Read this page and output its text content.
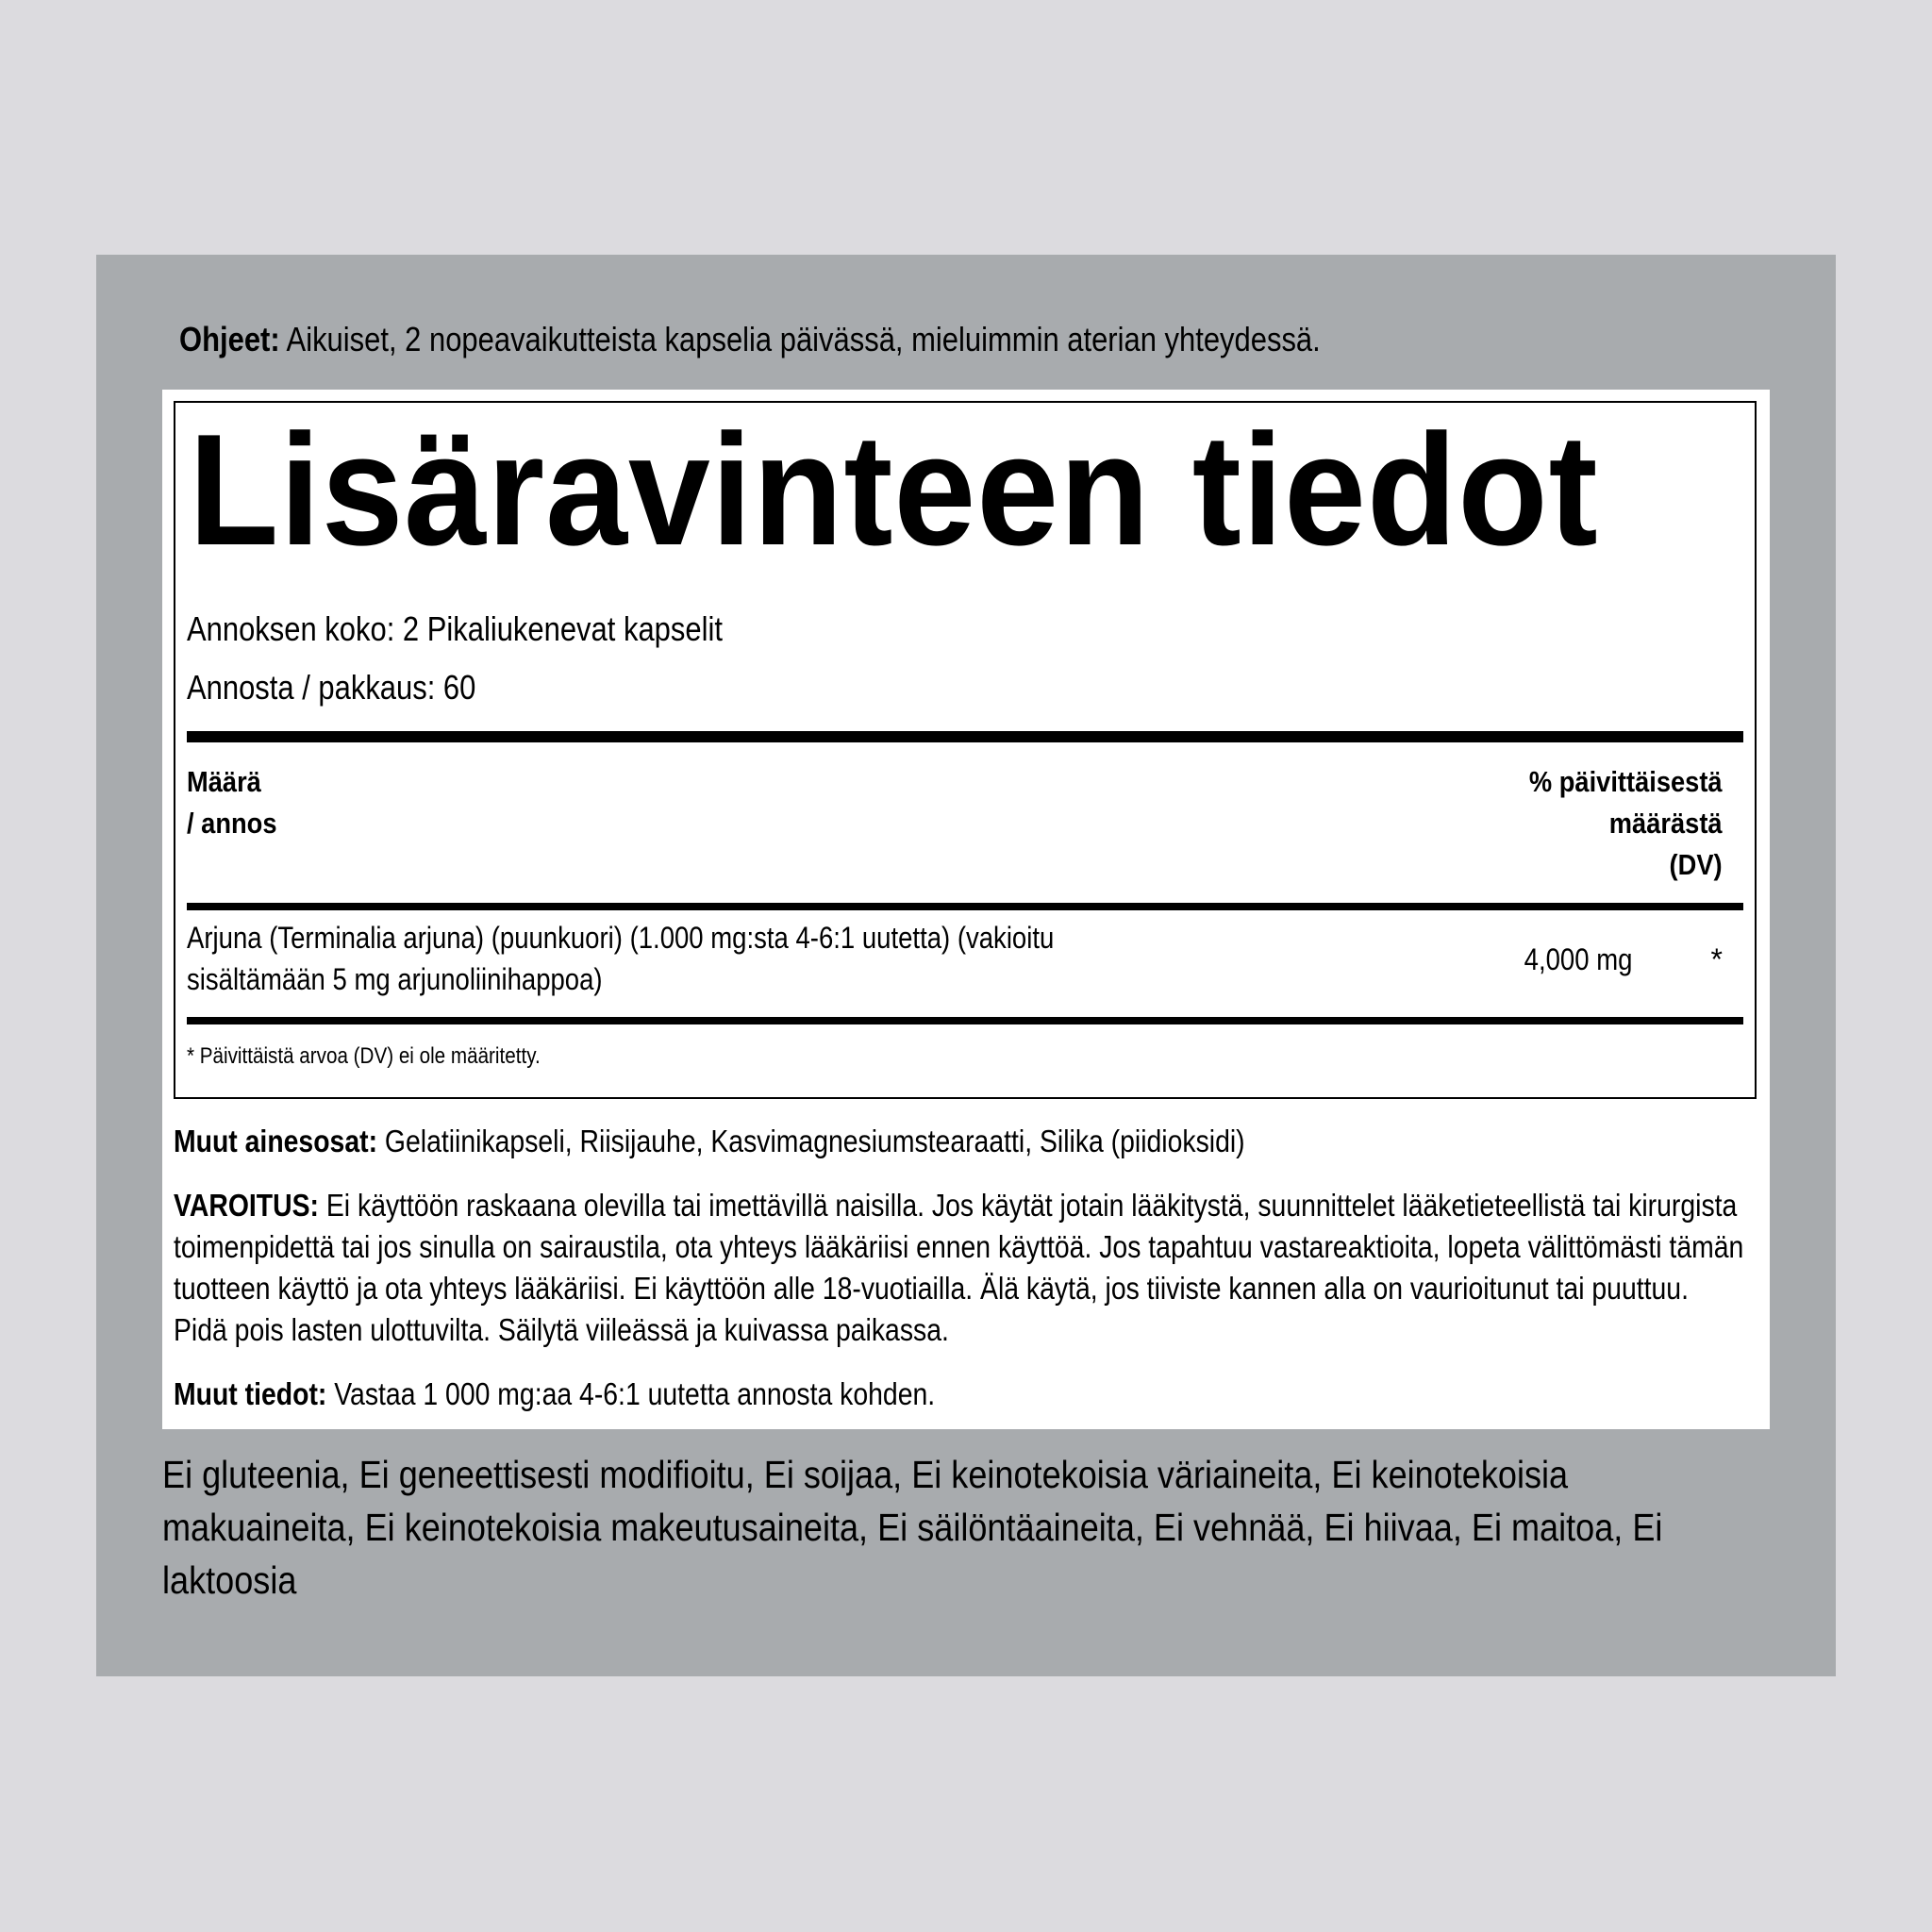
Ohjeet: Aikuiset, 2 nopeavaikutteista kapselia päivässä, mieluimmin aterian yhteydessä.
Lisäravinteen tiedot
Annoksen koko: 2 Pikaliukenevat kapselit
Annosta / pakkaus: 60
Määrä
/ annos
% päivittäisestä
määrästä
(DV)
Arjuna (Terminalia arjuna) (puunkuori) (1.000 mg:sta 4-6:1 uutetta) (vakioitu
sisältämään 5 mg arjunoliinihappoa)
4,000 mg	*
* Päivittäistä arvoa (DV) ei ole määritetty.
Muut ainesosat: Gelatiinikapseli, Riisijauhe, Kasvimagnesiumstearaatti, Silika (piidioksidi)
VAROITUS: Ei käyttöön raskaana olevilla tai imettävillä naisilla. Jos käytät jotain lääkitystä, suunnittelet lääketieteellistä tai kirurgista toimenpidettä tai jos sinulla on sairaustila, ota yhteys lääkäriisi ennen käyttöä. Jos tapahtuu vastareaktioita, lopeta välittömästi tämän tuotteen käyttö ja ota yhteys lääkäriisi. Ei käyttöön alle 18-vuotiailla. Älä käytä, jos tiiviste kannen alla on vaurioitunut tai puuttuu. Pidä pois lasten ulottuvilta. Säilytä viileässä ja kuivassa paikassa.
Muut tiedot: Vastaa 1 000 mg:aa 4-6:1 uutetta annosta kohden.
Ei gluteenia, Ei geneettisesti modifioitu, Ei soijaa, Ei keinotekoisia väriaineita, Ei keinotekoisia makuaineita, Ei keinotekoisia makeutusaineita, Ei säilöntäaineita, Ei vehnää, Ei hiivaa, Ei maitoa, Ei laktoosia
